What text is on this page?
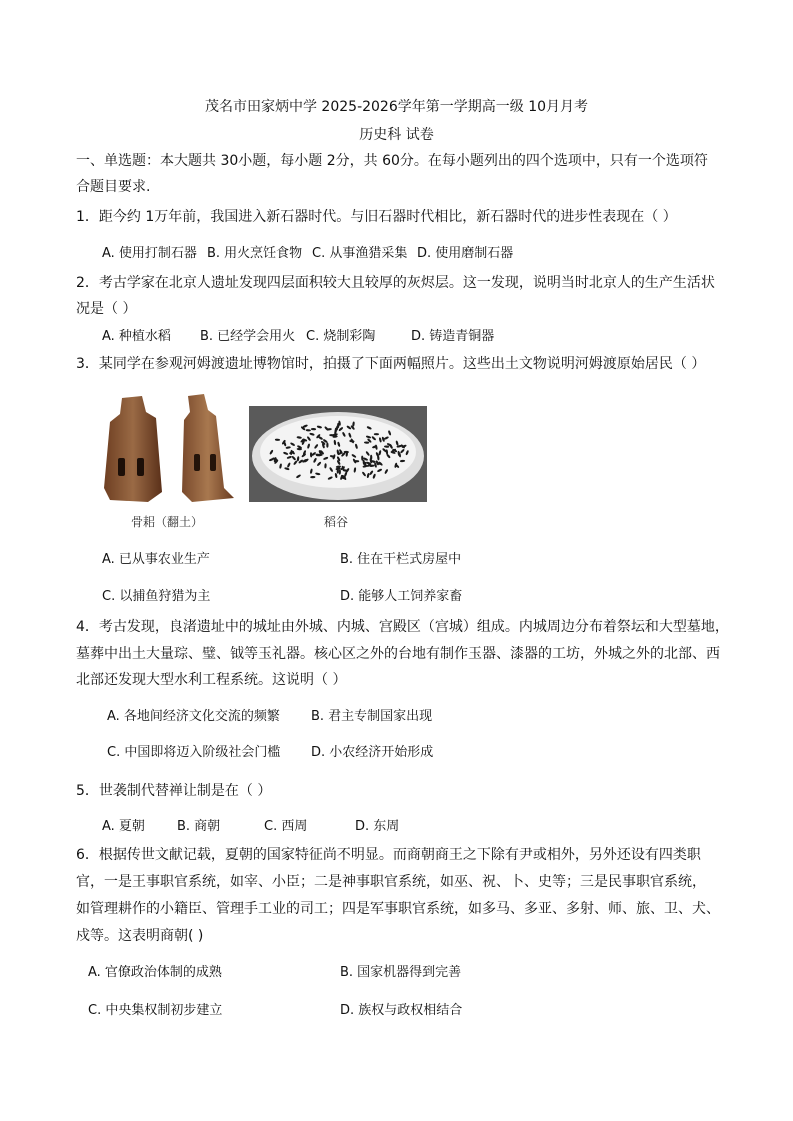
茂名市田家炳中学 2025-2026学年第一学期高一级 10月月考
历史科 试卷
一、单选题：本大题共 30小题，每小题 2分，共 60分。在每小题列出的四个选项中，只有一个选项符
合题目要求.
1．距今约 1万年前，我国进入新石器时代。与旧石器时代相比，新石器时代的进步性表现在（ ）
A. 使用打制石器 B. 用火烹饪食物 C. 从事渔猎采集 D. 使用磨制石器
2．考古学家在北京人遗址发现四层面积较大且较厚的灰烬层。这一发现，说明当时北京人的生产生活状
况是（ ）
A. 种植水稻 B. 已经学会用火 C. 烧制彩陶	D. 铸造青铜器
3．某同学在参观河姆渡遗址博物馆时，拍摄了下面两幅照片。这些出土文物说明河姆渡原始居民（ ）
骨耜（翻土）	稻谷
A. 已从事农业生产	B. 住在干栏式房屋中
C. 以捕鱼狩猎为主	D. 能够人工饲养家畜
4．考古发现，良渚遗址中的城址由外城、内城、宫殿区（宫城）组成。内城周边分布着祭坛和大型墓地，
墓葬中出土大量琮、璧、钺等玉礼器。核心区之外的台地有制作玉器、漆器的工坊，外城之外的北部、西
北部还发现大型水利工程系统。这说明（ ）
A. 各地间经济文化交流的频繁 B. 君主专制国家出现
C. 中国即将迈入阶级社会门槛 D. 小农经济开始形成
5．世袭制代替禅让制是在（ ）
A. 夏朝 B. 商朝	C. 西周	D. 东周
6．根据传世文献记载，夏朝的国家特征尚不明显。而商朝商王之下除有尹或相外，另外还设有四类职
官，一是王事职官系统，如宰、小臣；二是神事职官系统，如巫、祝、卜、史等；三是民事职官系统，
如管理耕作的小籍臣、管理手工业的司工；四是军事职官系统，如多马、多亚、多射、师、旅、卫、犬、
戍等。这表明商朝( )
A. 官僚政治体制的成熟	B. 国家机器得到完善
C. 中央集权制初步建立	D. 族权与政权相结合
